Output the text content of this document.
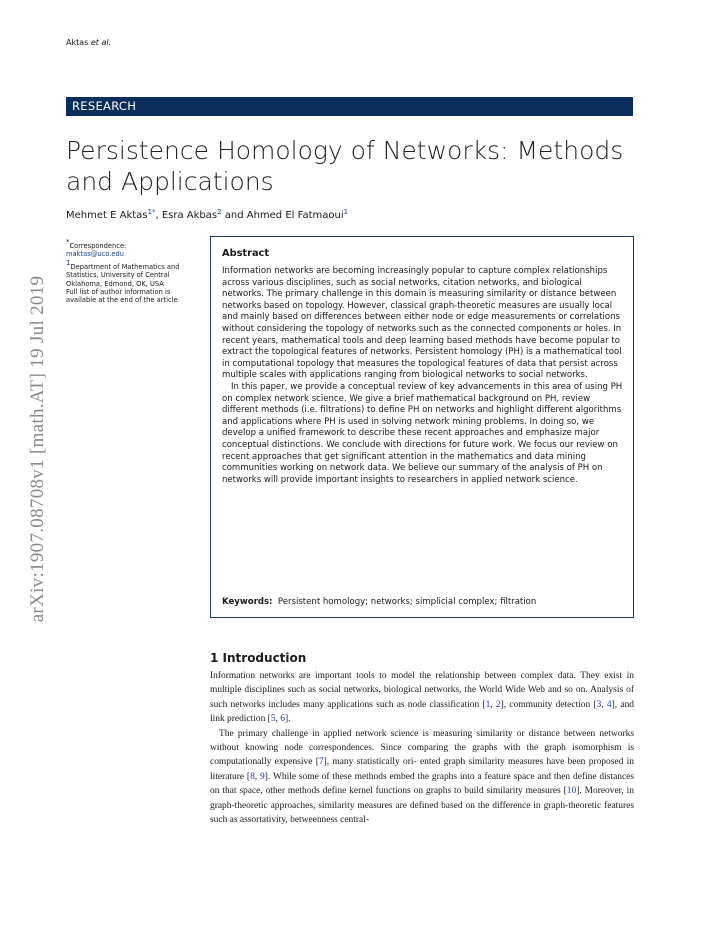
Aktas et al.
RESEARCH
Persistence Homology of Networks: Methods and Applications
Mehmet E Aktas$^{1*}$, Esra Akbas$^2$ and Ahmed El Fatmaoui$^1$
*Correspondence:
maktas@uco.edu
1Department of Mathematics and Statistics, University of Central Oklahoma, Edmond, OK, USA
Full list of author information is available at the end of the article
arXiv:1907.08708v1 [math.AT] 19 Jul 2019
Abstract

Information networks are becoming increasingly popular to capture complex relationships across various disciplines, such as social networks, citation networks, and biological networks. The primary challenge in this domain is measuring similarity or distance between networks based on topology. However, classical graph-theoretic measures are usually local and mainly based on differences between either node or edge measurements or correlations without considering the topology of networks such as the connected components or holes. In recent years, mathematical tools and deep learning based methods have become popular to extract the topological features of networks. Persistent homology (PH) is a mathematical tool in computational topology that measures the topological features of data that persist across multiple scales with applications ranging from biological networks to social networks.

In this paper, we provide a conceptual review of key advancements in this area of using PH on complex network science. We give a brief mathematical background on PH, review different methods (i.e. filtrations) to define PH on networks and highlight different algorithms and applications where PH is used in solving network mining problems. In doing so, we develop a unified framework to describe these recent approaches and emphasize major conceptual distinctions. We conclude with directions for future work. We focus our review on recent approaches that get significant attention in the mathematics and data mining communities working on network data. We believe our summary of the analysis of PH on networks will provide important insights to researchers in applied network science.

Keywords: Persistent homology; networks; simplicial complex; filtration
1 Introduction

Information networks are important tools to model the relationship between complex data. They exist in multiple disciplines such as social networks, biological networks, the World Wide Web and so on. Analysis of such networks includes many applications such as node classification [1, 2], community detection [3, 4], and link prediction [5, 6].

The primary challenge in applied network science is measuring similarity or distance between networks without knowing node correspondences. Since comparing the graphs with the graph isomorphism is computationally expensive [7], many statistically ori- ented graph similarity measures have been proposed in literature [8, 9]. While some of these methods embed the graphs into a feature space and then define distances on that space, other methods define kernel functions on graphs to build similarity measures [10]. Moreover, in graph-theoretic approaches, similarity measures are defined based on the difference in graph-theoretic features such as assortativity, betweenness central-
